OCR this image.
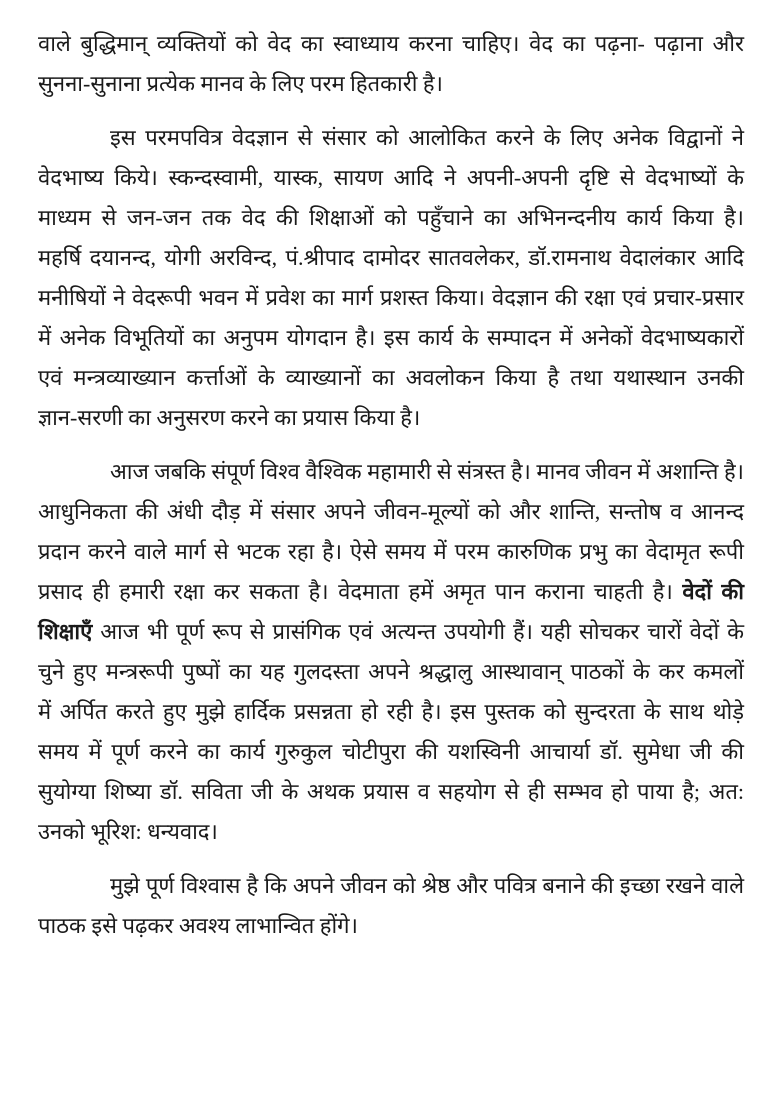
वाले बुद्धिमान् व्यक्तियों को वेद का स्वाध्याय करना चाहिए। वेद का पढ़ना- पढ़ाना और
सुनना-सुनाना प्रत्येक मानव के लिए परम हितकारी है।
इस परमपवित्र वेदज्ञान से संसार को आलोकित करने के लिए अनेक विद्वानों ने
वेदभाष्य किये। स्कन्दस्वामी, यास्क, सायण आदि ने अपनी-अपनी दृष्टि से वेदभाष्यों के
माध्यम से जन-जन तक वेद की शिक्षाओं को पहुँचाने का अभिनन्दनीय कार्य किया है।
महर्षि दयानन्द, योगी अरविन्द, पं.श्रीपाद दामोदर सातवलेकर, डॉ.रामनाथ वेदालंकार आदि
मनीषियों ने वेदरूपी भवन में प्रवेश का मार्ग प्रशस्त किया। वेदज्ञान की रक्षा एवं प्रचार-प्रसार
में अनेक विभूतियों का अनुपम योगदान है। इस कार्य के सम्पादन में अनेकों वेदभाष्यकारों
एवं मन्त्रव्याख्यान कर्त्ताओं के व्याख्यानों का अवलोकन किया है तथा यथास्थान उनकी
ज्ञान-सरणी का अनुसरण करने का प्रयास किया है।
आज जबकि संपूर्ण विश्व वैश्विक महामारी से संत्रस्त है। मानव जीवन में अशान्ति है।
आधुनिकता की अंधी दौड़ में संसार अपने जीवन-मूल्यों को और शान्ति, सन्तोष व आनन्द
प्रदान करने वाले मार्ग से भटक रहा है। ऐसे समय में परम कारुणिक प्रभु का वेदामृत रूपी
प्रसाद ही हमारी रक्षा कर सकता है। वेदमाता हमें अमृत पान कराना चाहती है। वेदों की
शिक्षाएँ आज भी पूर्ण रूप से प्रासंगिक एवं अत्यन्त उपयोगी हैं। यही सोचकर चारों वेदों के
चुने हुए मन्त्ररूपी पुष्पों का यह गुलदस्ता अपने श्रद्धालु आस्थावान् पाठकों के कर कमलों
में अर्पित करते हुए मुझे हार्दिक प्रसन्नता हो रही है। इस पुस्तक को सुन्दरता के साथ थोड़े
समय में पूर्ण करने का कार्य गुरुकुल चोटीपुरा की यशस्विनी आचार्या डॉ. सुमेधा जी की
सुयोग्या शिष्या डॉ. सविता जी के अथक प्रयास व सहयोग से ही सम्भव हो पाया है; अत:
उनको भूरिश: धन्यवाद।
मुझे पूर्ण विश्वास है कि अपने जीवन को श्रेष्ठ और पवित्र बनाने की इच्छा रखने वाले
पाठक इसे पढ़कर अवश्य लाभान्वित होंगे।
